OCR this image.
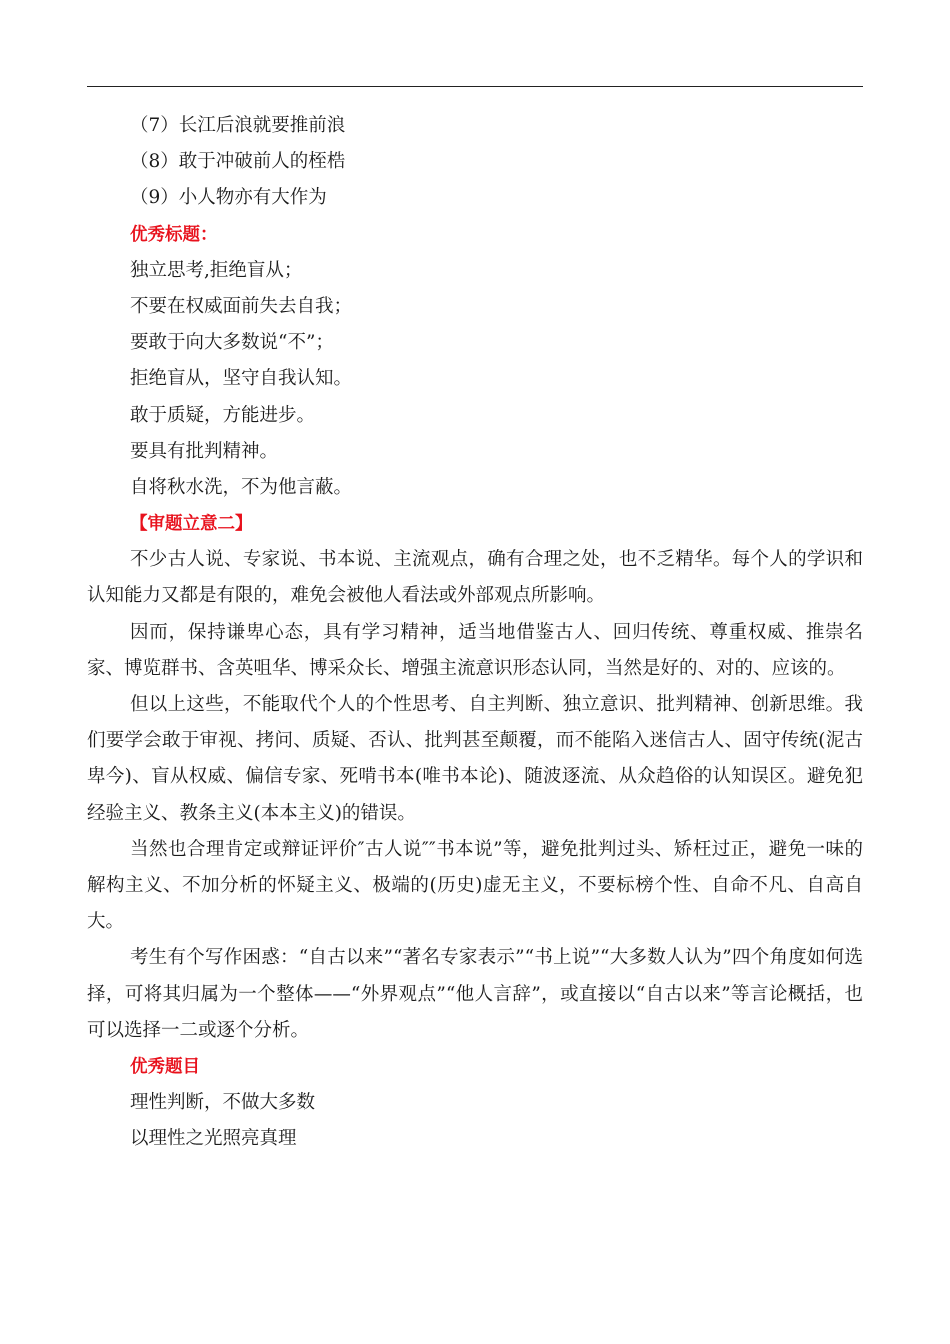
（7）长江后浪就要推前浪
（8）敢于冲破前人的桎梏
（9）小人物亦有大作为
优秀标题：
独立思考,拒绝盲从；
不要在权威面前失去自我；
要敢于向大多数说“不”；
拒绝盲从，坚守自我认知。
敢于质疑，方能进步。
要具有批判精神。
自将秋水洗，不为他言蔽。
【审题立意二】

不少古人说、专家说、书本说、主流观点，确有合理之处，也不乏精华。每个人的学识和认知能力又都是有限的，难免会被他人看法或外部观点所影响。

因而，保持谦卑心态，具有学习精神，适当地借鉴古人、回归传统、尊重权威、推崇名家、博览群书、含英咀华、博采众长、增强主流意识形态认同，当然是好的、对的、应该的。

但以上这些，不能取代个人的个性思考、自主判断、独立意识、批判精神、创新思维。我们要学会敢于审视、拷问、质疑、否认、批判甚至颠覆，而不能陷入迷信古人、固守传统(泥古卑今)、盲从权威、偏信专家、死啃书本(唯书本论)、随波逐流、从众趋俗的认知误区。避免犯经验主义、教条主义(本本主义)的错误。

当然也合理肯定或辩证评价″古人说″″书本说”等，避免批判过头、矫枉过正，避免一味的解构主义、不加分析的怀疑主义、极端的(历史)虚无主义，不要标榜个性、自命不凡、自高自大。

考生有个写作困惑：“自古以来”“著名专家表示”“书上说”“大多数人认为”四个角度如何选择，可将其归属为一个整体——“外界观点”“他人言辞”，或直接以“自古以来”等言论概括，也可以选择一二或逐个分析。

优秀题目
理性判断，不做大多数
以理性之光照亮真理
